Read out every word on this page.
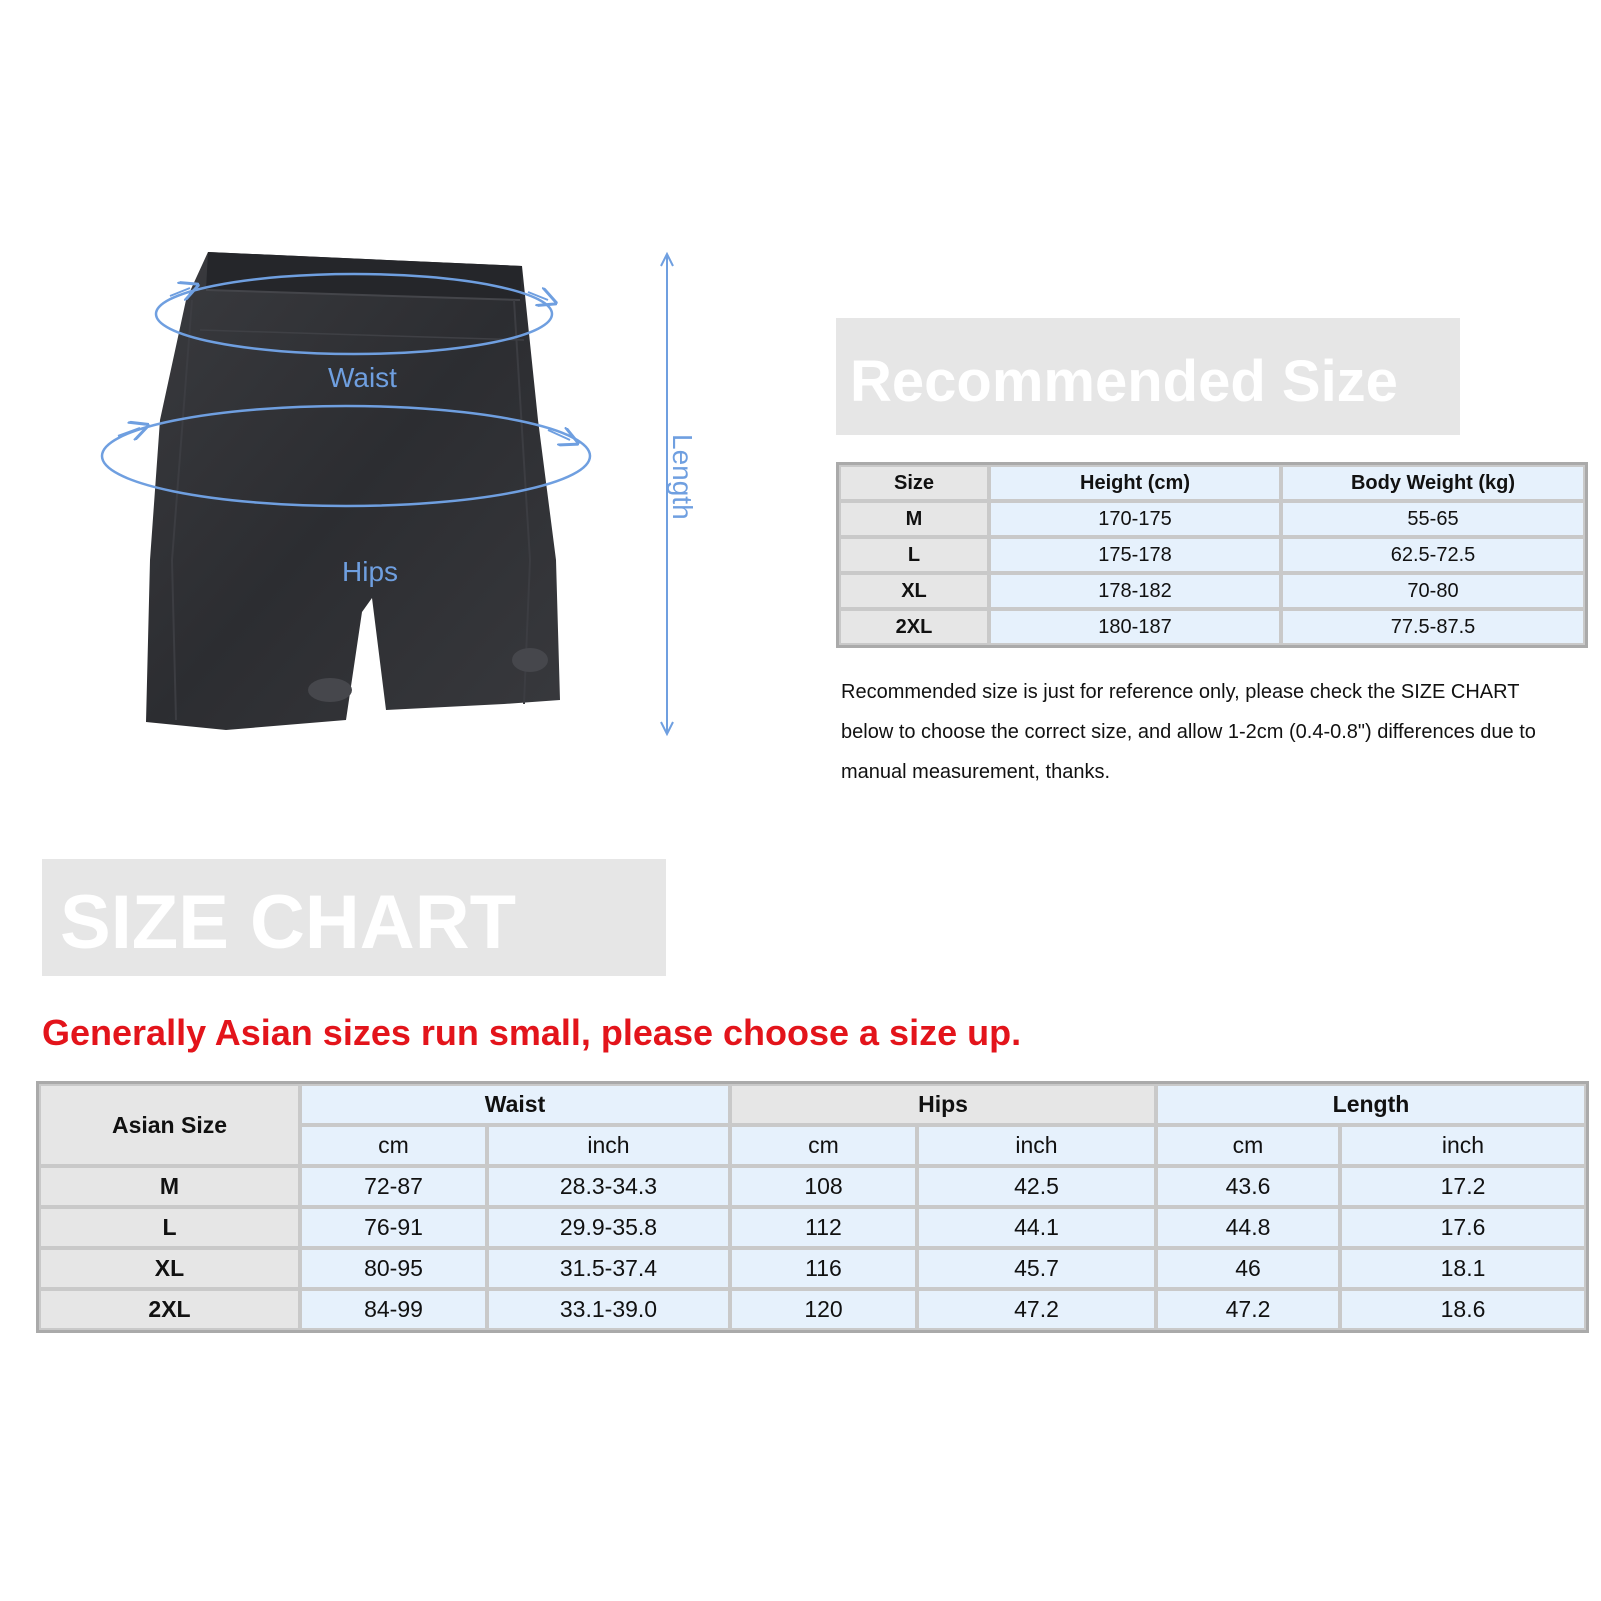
Waist
Hips
Length
Recommended Size
Size	Height (cm)	Body Weight (kg)
M	170-175	55-65
L	175-178	62.5-72.5
XL	178-182	70-80
2XL	180-187	77.5-87.5
Recommended size is just for reference only, please check the SIZE CHART below to choose the correct size, and allow 1-2cm (0.4-0.8") differences due to manual measurement, thanks.
SIZE CHART
Generally Asian sizes run small, please choose a size up.
Asian Size	Waist		Hips		Length	
	cm	inch	cm	inch	cm	inch
M	72-87	28.3-34.3	108	42.5	43.6	17.2
L	76-91	29.9-35.8	112	44.1	44.8	17.6
XL	80-95	31.5-37.4	116	45.7	46	18.1
2XL	84-99	33.1-39.0	120	47.2	47.2	18.6
